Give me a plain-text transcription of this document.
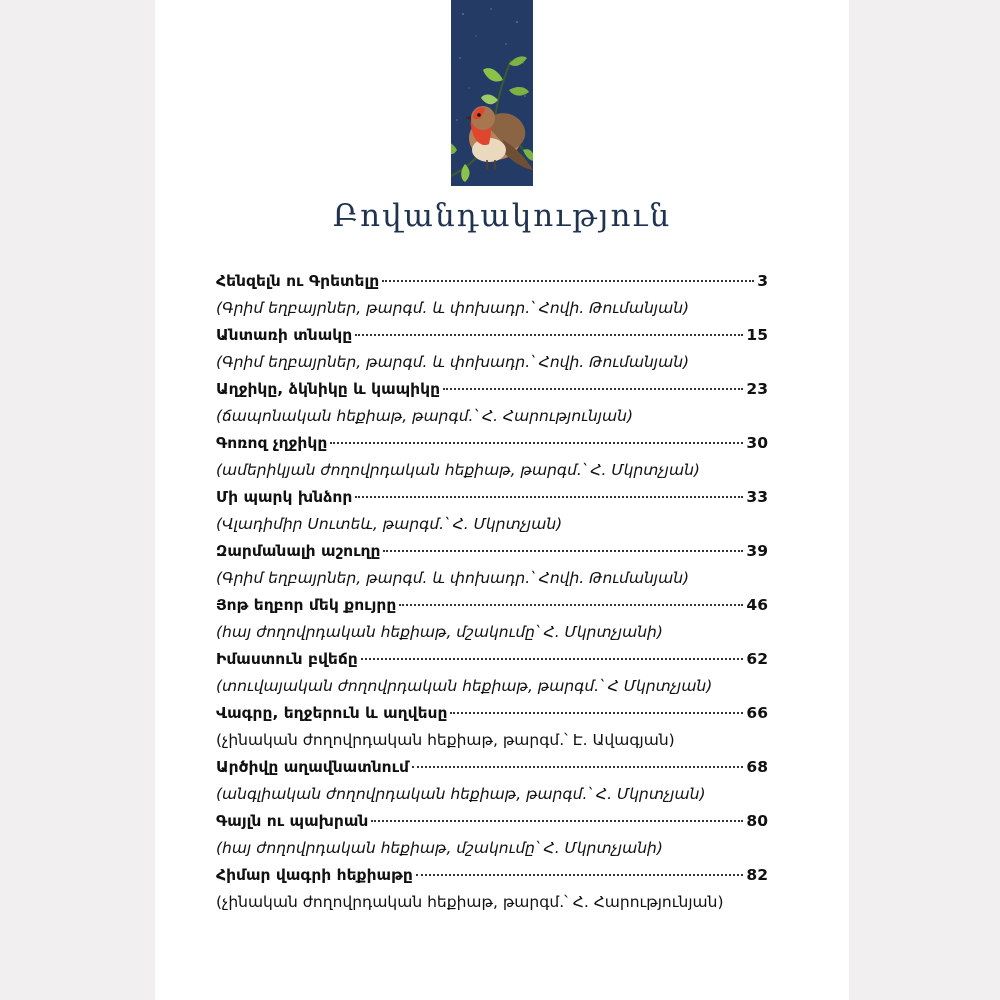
Բովանդակություն
Հենզելն ու Գրետելը	3
(Գրիմ եղբայրներ, թարգմ. և փոխադր.՝ Հովի. Թումանյան)
Անտառի տնակը	15
(Գրիմ եղբայրներ, թարգմ. և փոխադր.՝ Հովի. Թումանյան)
Աղջիկը, ձկնիկը և կապիկը	23
(ճապոնական հեքիաթ, թարգմ.՝ Հ. Հարությունյան)
Գոռոզ չղջիկը	30
(ամերիկյան ժողովրդական հեքիաթ, թարգմ.՝ Հ. Մկրտչյան)
Մի պարկ խնձոր	33
(Վլադիմիր Սուտեև, թարգմ.՝ Հ. Մկրտչյան)
Զարմանալի աշուղը	39
(Գրիմ եղբայրներ, թարգմ. և փոխադր.՝ Հովի. Թումանյան)
Յոթ եղբոր մեկ քույրը	46
(հայ ժողովրդական հեքիաթ, մշակումը՝ Հ. Մկրտչյանի)
Իմաստուն բվեճը	62
(տուվայական ժողովրդական հեքիաթ, թարգմ.՝ Հ Մկրտչյան)
Վագրը, եղջերուն և աղվեսը	66
(չինական ժողովրդական հեքիաթ, թարգմ.՝ Է. Ավագյան)
Արծիվը աղավնատնում	68
(անգլիական ժողովրդական հեքիաթ, թարգմ.՝ Հ. Մկրտչյան)
Գայլն ու պախրան	80
(հայ ժողովրդական հեքիաթ, մշակումը՝ Հ. Մկրտչյանի)
Հիմար վագրի հեքիաթը	82
(չինական ժողովրդական հեքիաթ, թարգմ.՝ Հ. Հարությունյան)
